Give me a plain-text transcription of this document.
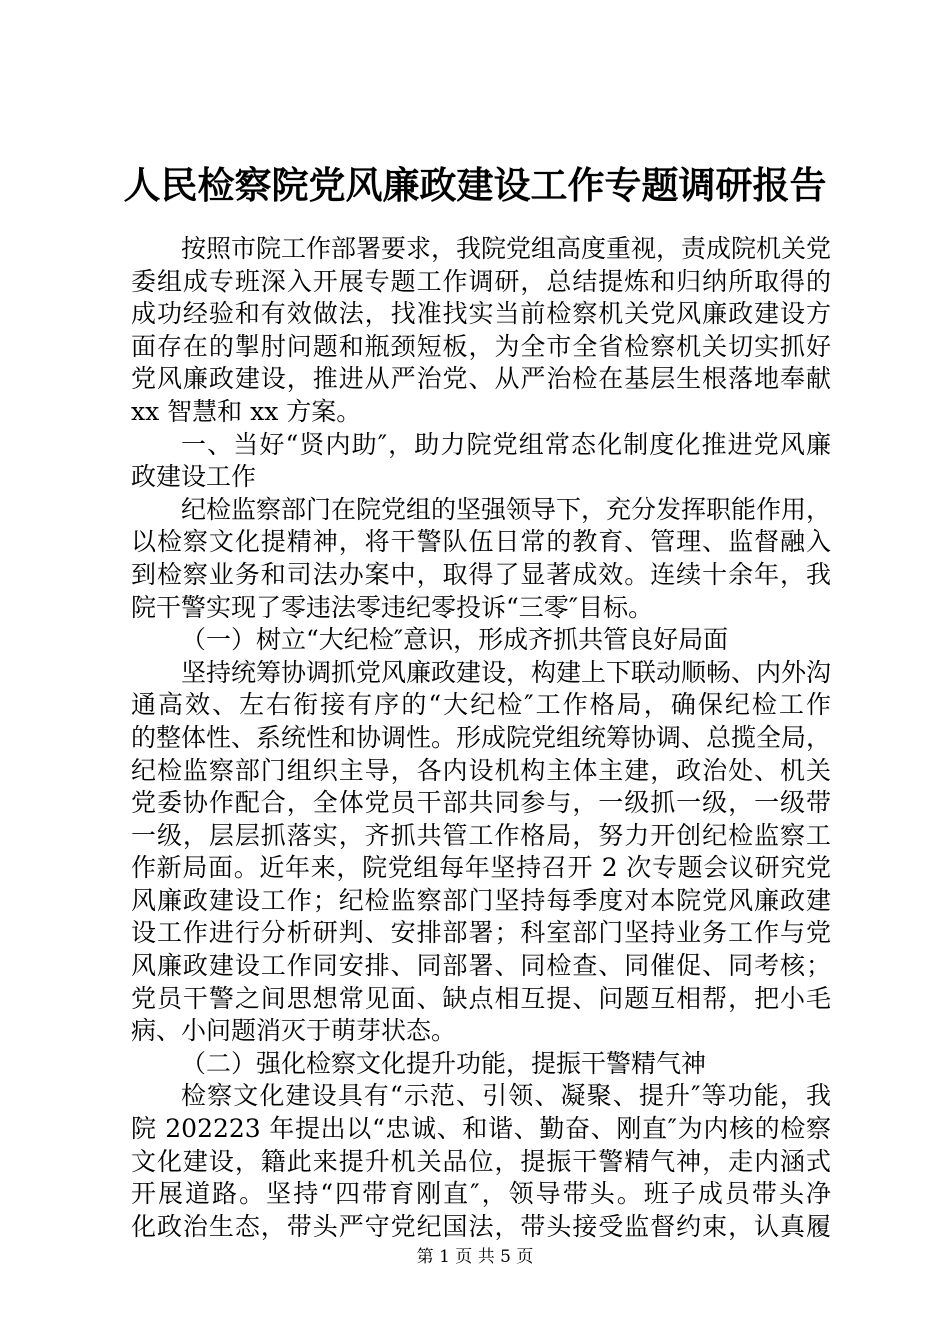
人民检察院党风廉政建设工作专题调研报告
按照市院工作部署要求，我院党组高度重视，责成院机关党
委组成专班深入开展专题工作调研，总结提炼和归纳所取得的
成功经验和有效做法，找准找实当前检察机关党风廉政建设方
面存在的掣肘问题和瓶颈短板，为全市全省检察机关切实抓好
党风廉政建设，推进从严治党、从严治检在基层生根落地奉献
xx 智慧和 xx 方案。
一、当好“贤内助″，助力院党组常态化制度化推进党风廉
政建设工作
纪检监察部门在院党组的坚强领导下，充分发挥职能作用，
以检察文化提精神，将干警队伍日常的教育、管理、监督融入
到检察业务和司法办案中，取得了显著成效。连续十余年，我
院干警实现了零违法零违纪零投诉“三零″目标。
（一）树立“大纪检″意识，形成齐抓共管良好局面
坚持统筹协调抓党风廉政建设，构建上下联动顺畅、内外沟
通高效、左右衔接有序的“大纪检″工作格局，确保纪检工作
的整体性、系统性和协调性。形成院党组统筹协调、总揽全局，
纪检监察部门组织主导，各内设机构主体主建，政治处、机关
党委协作配合，全体党员干部共同参与，一级抓一级，一级带
一级，层层抓落实，齐抓共管工作格局，努力开创纪检监察工
作新局面。近年来，院党组每年坚持召开 2 次专题会议研究党
风廉政建设工作；纪检监察部门坚持每季度对本院党风廉政建
设工作进行分析研判、安排部署；科室部门坚持业务工作与党
风廉政建设工作同安排、同部署、同检查、同催促、同考核；
党员干警之间思想常见面、缺点相互提、问题互相帮，把小毛
病、小问题消灭于萌芽状态。
（二）强化检察文化提升功能，提振干警精气神
检察文化建设具有“示范、引领、凝聚、提升″等功能，我
院 202223 年提出以“忠诚、和谐、勤奋、刚直″为内核的检察
文化建设，籍此来提升机关品位，提振干警精气神，走内涵式
开展道路。坚持“四带育刚直″，领导带头。班子成员带头净
化政治生态，带头严守党纪国法，带头接受监督约束，认真履
第 1 页 共 5 页
